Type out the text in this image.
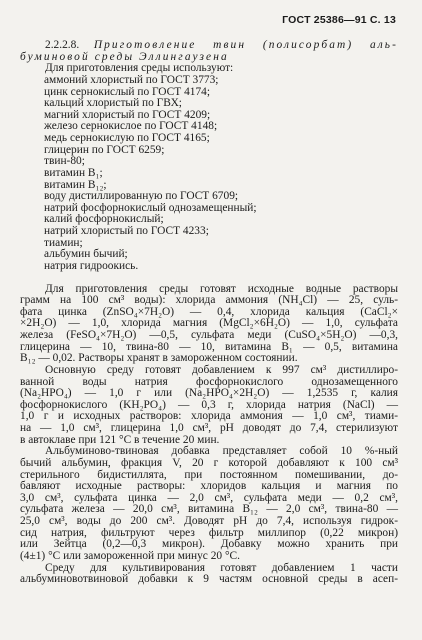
ГОСТ 25386—91 С. 13

2.2.2.8. Приготовление твин (полисорбат) аль-

буминовой среды Эллингаузена

Для приготовления среды используют:

аммоний хлористый по ГОСТ 3773;

цинк сернокислый по ГОСТ 4174;

кальций хлористый по ГВХ;

магний хлористый по ГОСТ 4209;

железо сернокислое по ГОСТ 4148;

медь сернокислую по ГОСТ 4165;

глицерин по ГОСТ 6259;

твин-80;

витамин B₁;

витамин B₁₂;

воду дистиллированную по ГОСТ 6709;

натрий фосфорнокислый однозамещенный;

калий фосфорнокислый;

натрий хлористый по ГОСТ 4233;

тиамин;

альбумин бычий;

натрия гидроокись.

Для приготовления среды готовят исходные водные растворы

грамм на 100 см³ воды): хлорида аммония (NH₄Cl) — 25, суль-

фата цинка (ZnSO₄×7H₂O) — 0,4, хлорида кальция (CaCl₂×

×2H₂O) — 1,0, хлорида магния (MgCl₂×6H₂O) — 1,0, сульфата

железа (FeSO₄×7H₂O) —0,5, сульфата меди (CuSO₄×5H₂O) —0,3,

глицерина — 10, твина-80 — 10, витамина B₁ — 0,5, витамина

B₁₂ — 0,02. Растворы хранят в замороженном состоянии.

Основную среду готовят добавлением к 997 см³ дистиллиро-

ванной воды натрия фосфорнокислого однозамещенного

(Na₂HPO₄) — 1,0 г или (Na₂HPO₄×2H₂O) — 1,2535 г, калия

фосфорнокислого (KH₂PO₄) — 0,3 г, хлорида натрия (NaCl) —

1,0 г и исходных растворов: хлорида аммония — 1,0 см³, тиами-

на — 1,0 см³, глицерина 1,0 см³, pH доводят до 7,4, стерилизуют

в автоклаве при 121 °C в течение 20 мин.

Альбуминово-твиновая добавка представляет собой 10 %-ный

бычий альбумин, фракция V, 20 г которой добавляют к 100 см³

стерильного бидистиллята, при постоянном помешивании, до-

бавляют исходные растворы: хлоридов кальция и магния по

3,0 см³, сульфата цинка — 2,0 см³, сульфата меди — 0,2 см³,

сульфата железа — 20,0 см³, витамина B₁₂ — 2,0 см³, твина-80 —

25,0 см³, воды до 200 см³. Доводят pH до 7,4, используя гидрок-

сид натрия, фильтруют через фильтр миллипор (0,22 микрон)

или Зейтца (0,2—0,3 микрон). Добавку можно хранить при

(4±1) °C или замороженной при минус 20 °C.

Среду для культивирования готовят добавлением 1 части

альбуминовотвиновой добавки к 9 частям основной среды в асеп-
